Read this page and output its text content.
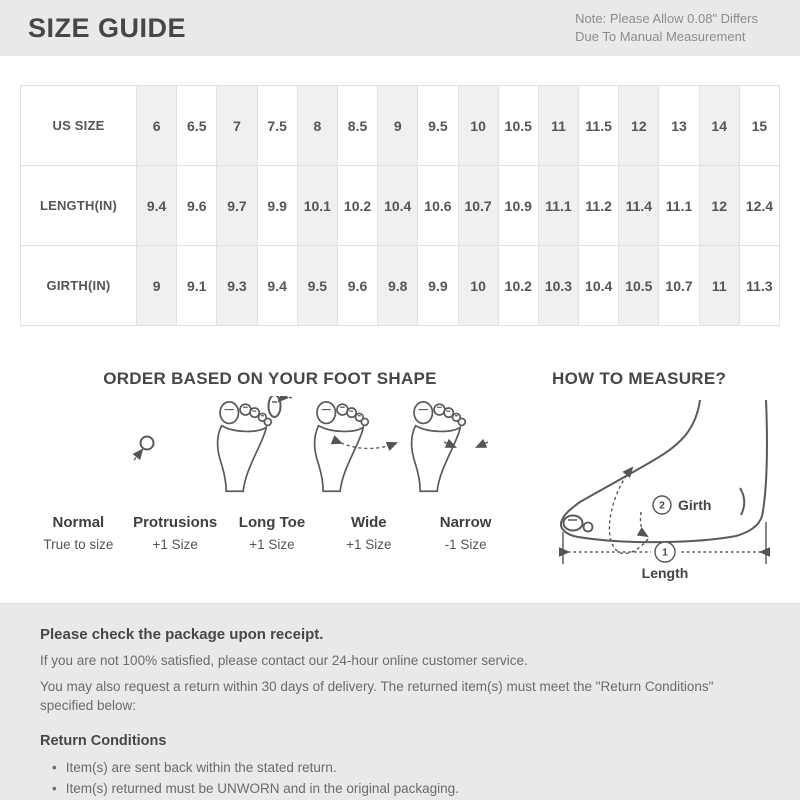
SIZE GUIDE	Note: Please Allow 0.08" Differs
Due To Manual Measurement
US SIZE	6	6.5	7	7.5	8	8.5	9	9.5	10	10.5	11	11.5	12	13	14	15
LENGTH(IN)	9.4	9.6	9.7	9.9	10.1	10.2	10.4	10.6	10.7	10.9	11.1	11.2	11.4	11.1	12	12.4
GIRTH(IN)	9	9.1	9.3	9.4	9.5	9.6	9.8	9.9	10	10.2	10.3	10.4	10.5	10.7	11	11.3
ORDER BASED ON YOUR FOOT SHAPE	HOW TO MEASURE?
Normal
True to size
Protrusions
+1 Size
Long Toe
+1 Size
Wide
+1 Size
Narrow
-1 Size
2 Girth
1
Length

Please check the package upon receipt.

If you are not 100% satisfied, please contact our 24-hour online customer service.

You may also request a return within 30 days of delivery. The returned item(s) must meet the "Return Conditions"

specified below:

Return Conditions

• Item(s) are sent back within the stated return.
• Item(s) returned must be UNWORN and in the original packaging.
